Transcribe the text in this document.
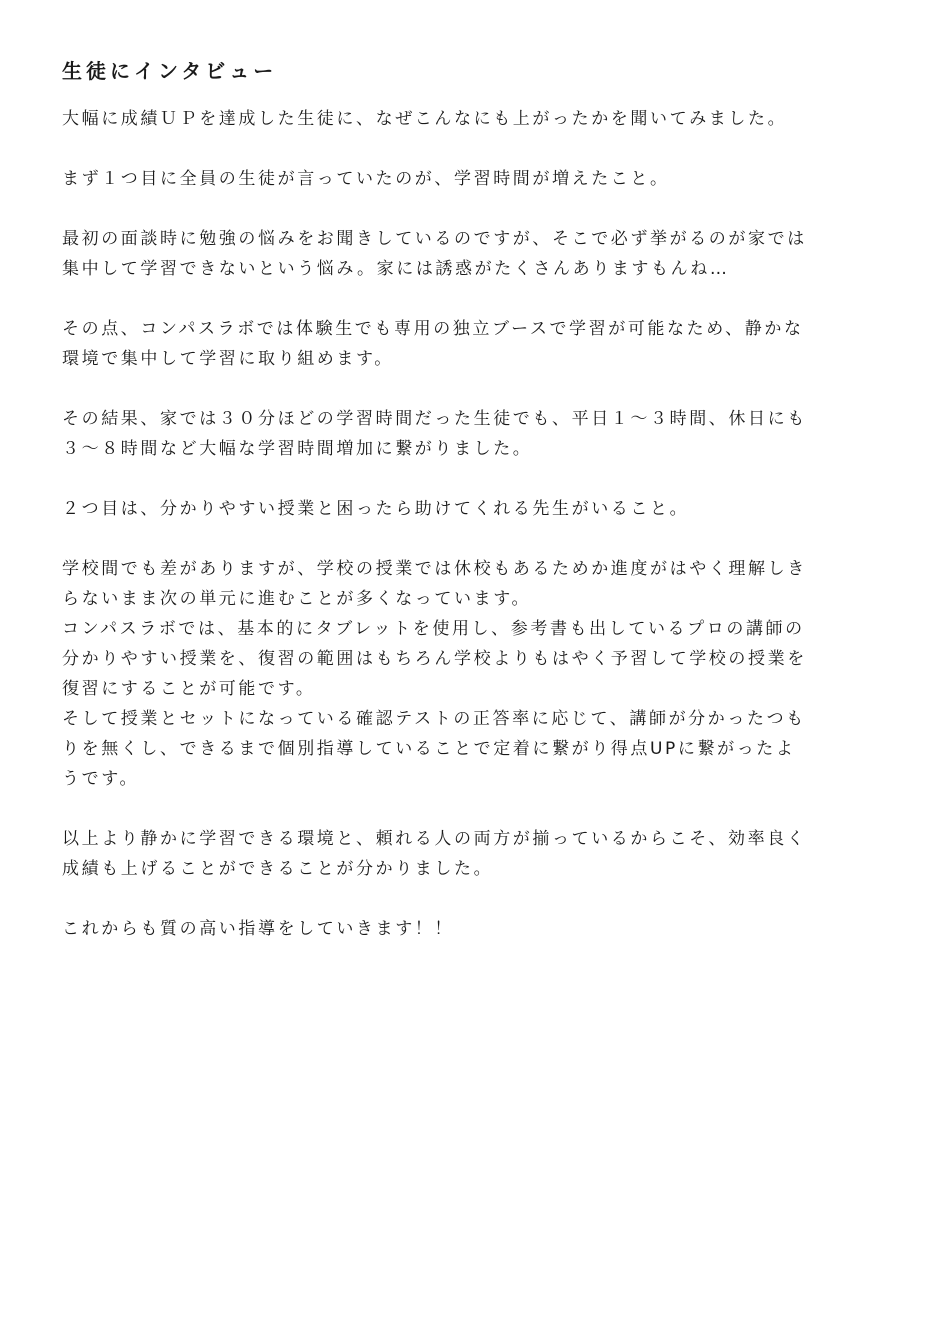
生徒にインタビュー
大幅に成績ＵＰを達成した生徒に、なぜこんなにも上がったかを聞いてみました。
まず１つ目に全員の生徒が言っていたのが、学習時間が増えたこと。
最初の面談時に勉強の悩みをお聞きしているのですが、そこで必ず挙がるのが家では
集中して学習できないという悩み。家には誘惑がたくさんありますもんね…
その点、コンパスラボでは体験生でも専用の独立ブースで学習が可能なため、静かな
環境で集中して学習に取り組めます。
その結果、家では３０分ほどの学習時間だった生徒でも、平日１～３時間、休日にも
３～８時間など大幅な学習時間増加に繋がりました。
２つ目は、分かりやすい授業と困ったら助けてくれる先生がいること。
学校間でも差がありますが、学校の授業では休校もあるためか進度がはやく理解しき
らないまま次の単元に進むことが多くなっています。
コンパスラボでは、基本的にタブレットを使用し、参考書も出しているプロの講師の
分かりやすい授業を、復習の範囲はもちろん学校よりもはやく予習して学校の授業を
復習にすることが可能です。
そして授業とセットになっている確認テストの正答率に応じて、講師が分かったつも
りを無くし、できるまで個別指導していることで定着に繋がり得点UPに繋がったよ
うです。
以上より静かに学習できる環境と、頼れる人の両方が揃っているからこそ、効率良く
成績も上げることができることが分かりました。
これからも質の高い指導をしていきます！！
